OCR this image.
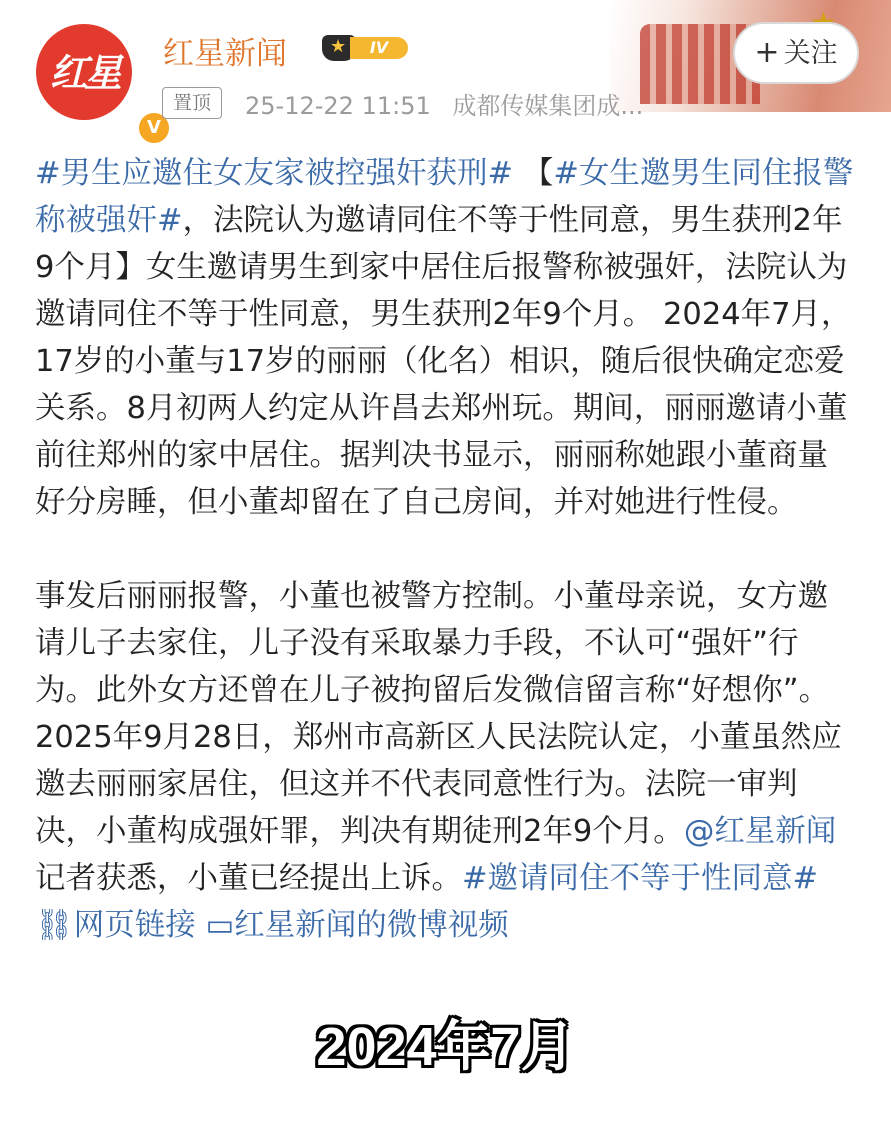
红星
V
红星新闻
★	IV
置顶	25-12-22 11:51 成都传媒集团成...
+ 关注

#男生应邀住女友家被控强奸获刑# 【#女生邀男生同住报警称被强奸#，法院认为邀请同住不等于性同意，男生获刑2年9个月】女生邀请男生到家中居住后报警称被强奸，法院认为邀请同住不等于性同意，男生获刑2年9个月。 2024年7月，17岁的小董与17岁的丽丽（化名）相识，随后很快确定恋爱关系。8月初两人约定从许昌去郑州玩。期间，丽丽邀请小董前往郑州的家中居住。据判决书显示，丽丽称她跟小董商量好分房睡，但小董却留在了自己房间，并对她进行性侵。

事发后丽丽报警，小董也被警方控制。小董母亲说，女方邀请儿子去家住，儿子没有采取暴力手段，不认可“强奸”行为。此外女方还曾在儿子被拘留后发微信留言称“好想你”。2025年9月28日，郑州市高新区人民法院认定，小董虽然应邀去丽丽家居住，但这并不代表同意性行为。法院一审判决，小董构成强奸罪，判决有期徒刑2年9个月。@红星新闻 记者获悉，小董已经提出上诉。#邀请同住不等于性同意# ⛓网页链接 ▭红星新闻的微博视频

2024年7月
